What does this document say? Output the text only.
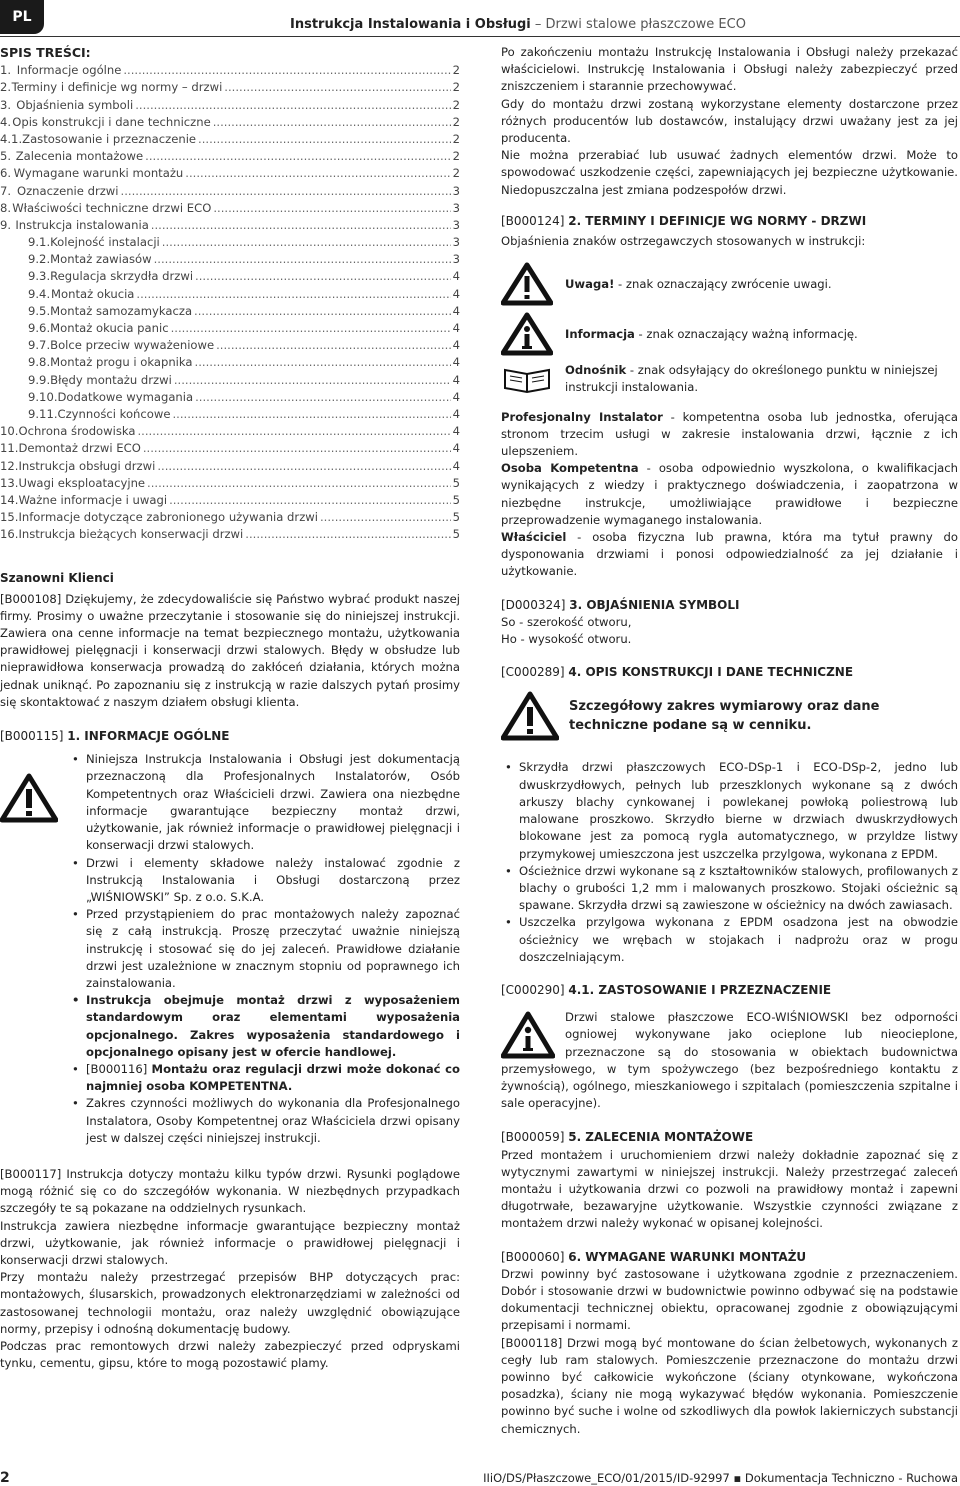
PL	Instrukcja Instalowania i Obsługi – Drzwi stalowe płaszczowe ECO
SPIS TREŚCI:
1. Informacje ogólne .....	2
2. Terminy i definicje wg normy – drzwi .....	2
3. Objaśnienia symboli .....	2
4. Opis konstrukcji i dane techniczne .....	2
4.1. Zastosowanie i przeznaczenie .....	2
5. Zalecenia montażowe .....	2
6. Wymagane warunki montażu .....	2
7. Oznaczenie drzwi .....	3
8. Właściwości techniczne drzwi ECO .....	3
9. Instrukcja instalowania .....	3
9.1. Kolejność instalacji .....	3
9.2. Montaż zawiasów .....	3
9.3. Regulacja skrzydła drzwi .....	4
9.4. Montaż okucia .....	4
9.5. Montaż samozamykacza .....	4
9.6. Montaż okucia panic .....	4
9.7. Bolce przeciw wyważeniowe .....	4
9.8. Montaż progu i okapnika .....	4
9.9. Błędy montażu drzwi .....	4
9.10. Dodatkowe wymagania .....	4
9.11. Czynności końcowe .....	4
10. Ochrona środowiska .....	4
11. Demontaż drzwi ECO .....	4
12. Instrukcja obsługi drzwi .....	4
13. Uwagi eksploatacyjne .....	5
14. Ważne informacje i uwagi .....	5
15. Informacje dotyczące zabronionego używania drzwi .....	5
16. Instrukcja bieżących konserwacji drzwi .....	5
Szanowni Klienci

[B000108] Dziękujemy, że zdecydowaliście się Państwo wybrać produkt naszej firmy. Prosimy o uważne przeczytanie i stosowanie się do niniejszej instrukcji. Zawiera ona cenne informacje na temat bezpiecznego montażu, użytkowania prawidłowej pielęgnacji i konserwacji drzwi stalowych. Błędy w obsłudze lub nieprawidłowa konserwacja prowadzą do zakłóceń działania, których można jednak uniknąć. Po zapoznaniu się z instrukcją w razie dalszych pytań prosimy się skontaktować z naszym działem obsługi klienta.

[B000115] 1. INFORMACJE OGÓLNE
• Niniejsza Instrukcja Instalowania i Obsługi jest dokumentacją przeznaczoną dla Profesjonalnych Instalatorów, Osób Kompetentnych oraz Właścicieli drzwi. Zawiera ona niezbędne informacje gwarantujące bezpieczny montaż drzwi, użytkowanie, jak również informacje o prawidłowej pielęgnacji i konserwacji drzwi stalowych.
• Drzwi i elementy składowe należy instalować zgodnie z Instrukcją Instalowania i Obsługi dostarczoną przez „WIŚNIOWSKI” Sp. z o.o. S.K.A.
• Przed przystąpieniem do prac montażowych należy zapoznać się z całą instrukcją. Proszę przeczytać uważnie niniejszą instrukcję i stosować się do jej zaleceń. Prawidłowe działanie drzwi jest uzależnione w znacznym stopniu od poprawnego ich zainstalowania.
• Instrukcja obejmuje montaż drzwi z wyposażeniem standardowym oraz elementami wyposażenia opcjonalnego. Zakres wyposażenia standardowego i opcjonalnego opisany jest w ofercie handlowej.
• [B000116] Montażu oraz regulacji drzwi może dokonać co najmniej osoba KOMPETENTNA.
• Zakres czynności możliwych do wykonania dla Profesjonalnego Instalatora, Osoby Kompetentnej oraz Właściciela drzwi opisany jest w dalszej części niniejszej instrukcji.

[B000117] Instrukcja dotyczy montażu kilku typów drzwi. Rysunki poglądowe mogą różnić się co do szczegółów wykonania. W niezbędnych przypadkach szczegóły te są pokazane na oddzielnych rysunkach.

Instrukcja zawiera niezbędne informacje gwarantujące bezpieczny montaż drzwi, użytkowanie, jak również informacje o prawidłowej pielęgnacji i konserwacji drzwi stalowych.

Przy montażu należy przestrzegać przepisów BHP dotyczących prac: montażowych, ślusarskich, prowadzonych elektronarzędziami w zależności od zastosowanej technologii montażu, oraz należy uwzględnić obowiązujące normy, przepisy i odnośną dokumentację budowy.

Podczas prac remontowych drzwi należy zabezpieczyć przed odpryskami tynku, cementu, gipsu, które to mogą pozostawić plamy.

Po zakończeniu montażu Instrukcję Instalowania i Obsługi należy przekazać właścicielowi. Instrukcję Instalowania i Obsługi należy zabezpieczyć przed zniszczeniem i starannie przechowywać.

Gdy do montażu drzwi zostaną wykorzystane elementy dostarczone przez różnych producentów lub dostawców, instalujący drzwi uważany jest za jej producenta.

Nie można przerabiać lub usuwać żadnych elementów drzwi. Może to spowodować uszkodzenie części, zapewniających jej bezpieczne użytkowanie. Niedopuszczalna jest zmiana podzespołów drzwi.

[B000124] 2. TERMINY I DEFINICJE WG NORMY - DRZWI

Objaśnienia znaków ostrzegawczych stosowanych w instrukcji:

Uwaga! - znak oznaczający zwrócenie uwagi.
Informacja - znak oznaczający ważną informację.
Odnośnik - znak odsyłający do określonego punktu w niniejszej instrukcji instalowania.

Profesjonalny Instalator - kompetentna osoba lub jednostka, oferująca stronom trzecim usługi w zakresie instalowania drzwi, łącznie z ich ulepszeniem.

Osoba Kompetentna - osoba odpowiednio wyszkolona, o kwalifikacjach wynikających z wiedzy i praktycznego doświadczenia, i zaopatrzona w niezbędne instrukcje, umożliwiające prawidłowe i bezpieczne przeprowadzenie wymaganego instalowania.

Właściciel - osoba fizyczna lub prawna, która ma tytuł prawny do dysponowania drzwiami i ponosi odpowiedzialność za jej działanie i użytkowanie.

[D000324] 3. OBJAŚNIENIA SYMBOLI

So - szerokość otworu,

Ho - wysokość otworu.

[C000289] 4. OPIS KONSTRUKCJI I DANE TECHNICZNE
Szczegółowy zakres wymiarowy oraz dane techniczne podane są w cenniku.
• Skrzydła drzwi płaszczowych ECO-DSp-1 i ECO-DSp-2, jedno lub dwuskrzydłowych, pełnych lub przeszklonych wykonane są z dwóch arkuszy blachy cynkowanej i powlekanej powłoką poliestrową lub malowane proszkowo. Skrzydło bierne w drzwiach dwuskrzydłowych blokowane jest za pomocą rygla automatycznego, w przyldze listwy przymykowej umieszczona jest uszczelka przylgowa, wykonana z EPDM.
• Ościeżnice drzwi wykonane są z kształtowników stalowych, profilowanych z blachy o grubości 1,2 mm i malowanych proszkowo. Stojaki ościeżnic są spawane. Skrzydła drzwi są zawieszone w ościeżnicy na dwóch zawiasach.
• Uszczelka przylgowa wykonana z EPDM osadzona jest na obwodzie ościeżnicy we wrębach w stojakach i nadprożu oraz w progu doszczelniającym.
[C000290] 4.1. ZASTOSOWANIE I PRZEZNACZENIE

Drzwi stalowe płaszczowe ECO-WIŚNIOWSKI bez odporności ogniowej wykonywane jako ocieplone lub nieocieplone, przeznaczone są do stosowania w obiektach budownictwa przemysłowego, w tym spożywczego (bez bezpośredniego kontaktu z żywnością), ogólnego, mieszkaniowego i szpitalach (pomieszczenia szpitalne i sale operacyjne).

[B000059] 5. ZALECENIA MONTAŻOWE

Przed montażem i uruchomieniem drzwi należy dokładnie zapoznać się z wytycznymi zawartymi w niniejszej instrukcji. Należy przestrzegać zaleceń montażu i użytkowania drzwi co pozwoli na prawidłowy montaż i zapewni długotrwałe, bezawaryjne użytkowanie. Wszystkie czynności związane z montażem drzwi należy wykonać w opisanej kolejności.

[B000060] 6. WYMAGANE WARUNKI MONTAŻU

Drzwi powinny być zastosowane i użytkowana zgodnie z przeznaczeniem. Dobór i stosowanie drzwi w budownictwie powinno odbywać się na podstawie dokumentacji technicznej obiektu, opracowanej zgodnie z obowiązującymi przepisami i normami.

[B000118] Drzwi mogą być montowane do ścian żelbetowych, wykonanych z cegły lub ram stalowych. Pomieszczenie przeznaczone do montażu drzwi powinno być całkowicie wykończone (ściany otynkowane, wykończona posadzka), ściany nie mogą wykazywać błędów wykonania. Pomieszczenie powinno być suche i wolne od szkodliwych dla powłok lakierniczych substancji chemicznych.

2	IIiO/DS/Płaszczowe_ECO/01/2015/ID-92997 ▪ Dokumentacja Techniczno - Ruchowa
